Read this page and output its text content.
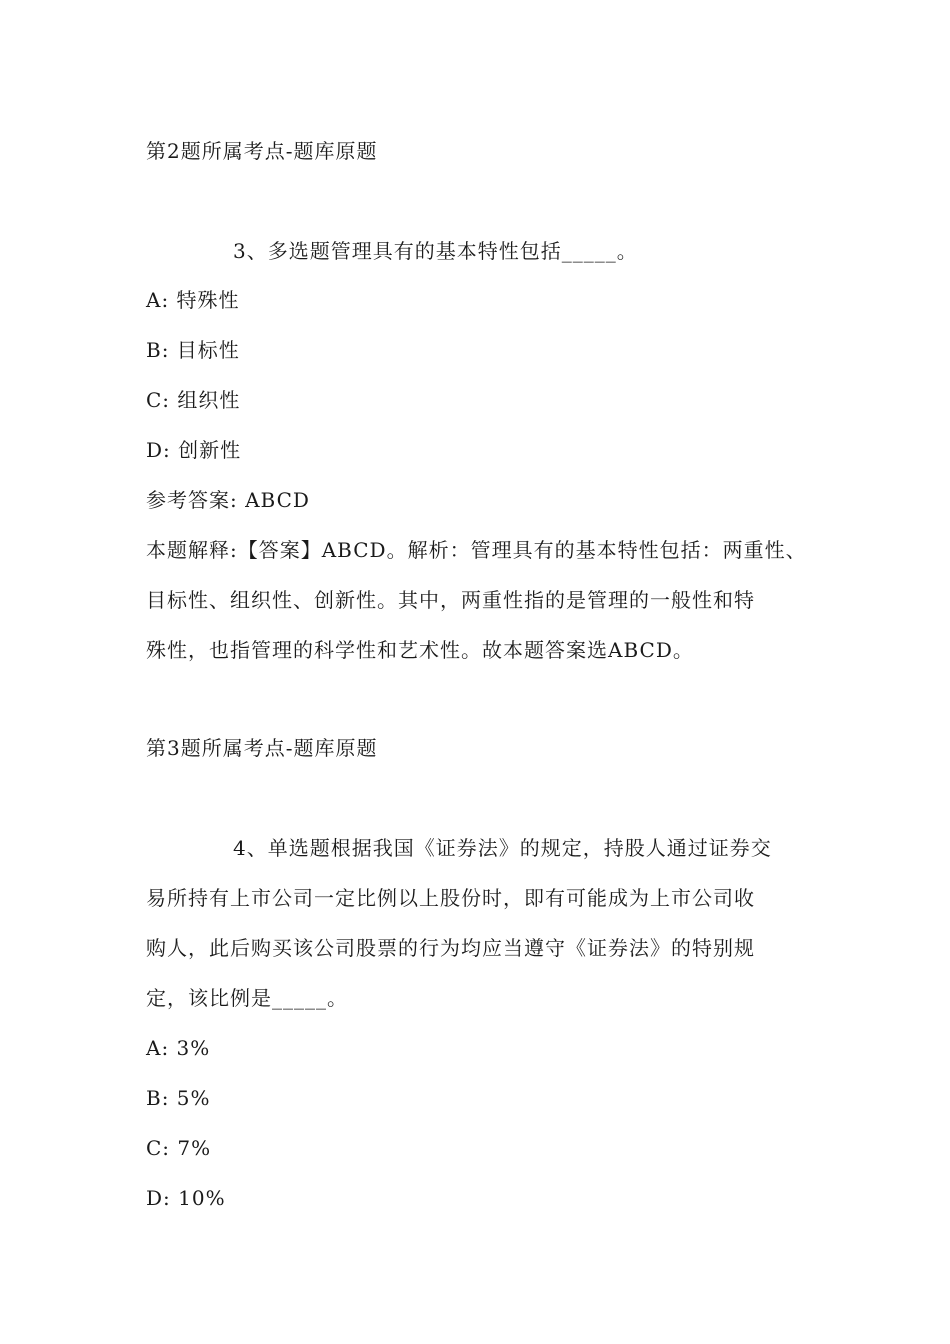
第2题所属考点-题库原题
3、多选题管理具有的基本特性包括_____。
A: 特殊性
B: 目标性
C: 组织性
D: 创新性
参考答案: ABCD
本题解释:【答案】ABCD。解析：管理具有的基本特性包括：两重性、
目标性、组织性、创新性。其中，两重性指的是管理的一般性和特
殊性，也指管理的科学性和艺术性。故本题答案选ABCD。
第3题所属考点-题库原题
4、单选题根据我国《证券法》的规定，持股人通过证券交
易所持有上市公司一定比例以上股份时，即有可能成为上市公司收
购人，此后购买该公司股票的行为均应当遵守《证券法》的特别规
定，该比例是_____。
A: 3%
B: 5%
C: 7%
D: 10%
